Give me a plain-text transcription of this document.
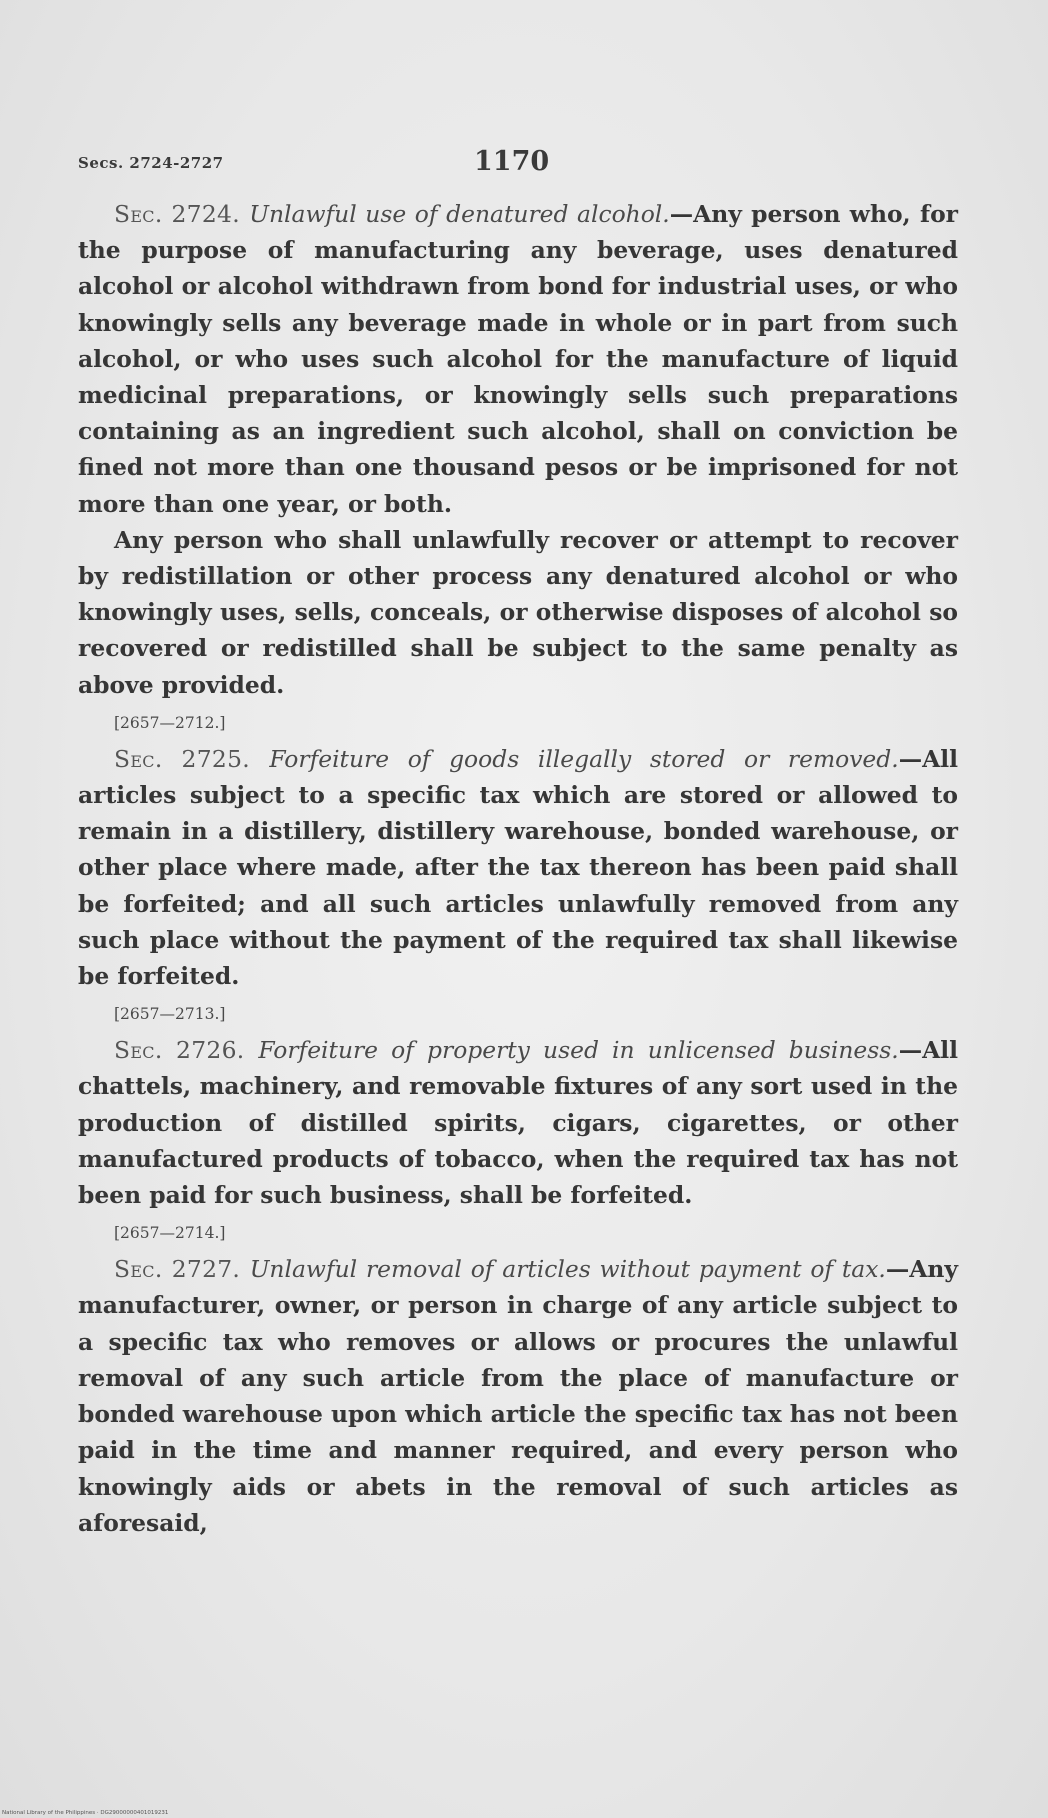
Secs. 2724-2727	1170

Sec. 2724. Unlawful use of denatured alcohol.—Any person who, for the purpose of manufacturing any beverage, uses denatured alcohol or alcohol withdrawn from bond for industrial uses, or who knowingly sells any beverage made in whole or in part from such alcohol, or who uses such alcohol for the manufacture of liquid medicinal preparations, or knowingly sells such preparations containing as an ingredient such alcohol, shall on conviction be fined not more than one thousand pesos or be imprisoned for not more than one year, or both.

Any person who shall unlawfully recover or attempt to recover by redistillation or other process any denatured alcohol or who knowingly uses, sells, conceals, or otherwise disposes of alcohol so recovered or redistilled shall be subject to the same penalty as above provided.

[2657—2712.]

Sec. 2725. Forfeiture of goods illegally stored or removed.—All articles subject to a specific tax which are stored or allowed to remain in a distillery, distillery warehouse, bonded warehouse, or other place where made, after the tax thereon has been paid shall be forfeited; and all such articles unlawfully removed from any such place without the payment of the required tax shall likewise be forfeited.

[2657—2713.]

Sec. 2726. Forfeiture of property used in unlicensed business.—All chattels, machinery, and removable fixtures of any sort used in the production of distilled spirits, cigars, cigarettes, or other manufactured products of tobacco, when the required tax has not been paid for such business, shall be forfeited.

[2657—2714.]

Sec. 2727. Unlawful removal of articles without payment of tax.—Any manufacturer, owner, or person in charge of any article subject to a specific tax who removes or allows or procures the unlawful removal of any such article from the place of manufacture or bonded warehouse upon which article the specific tax has not been paid in the time and manner required, and every person who knowingly aids or abets in the removal of such articles as aforesaid,

National Library of the Philippines · DG29000000401019231
